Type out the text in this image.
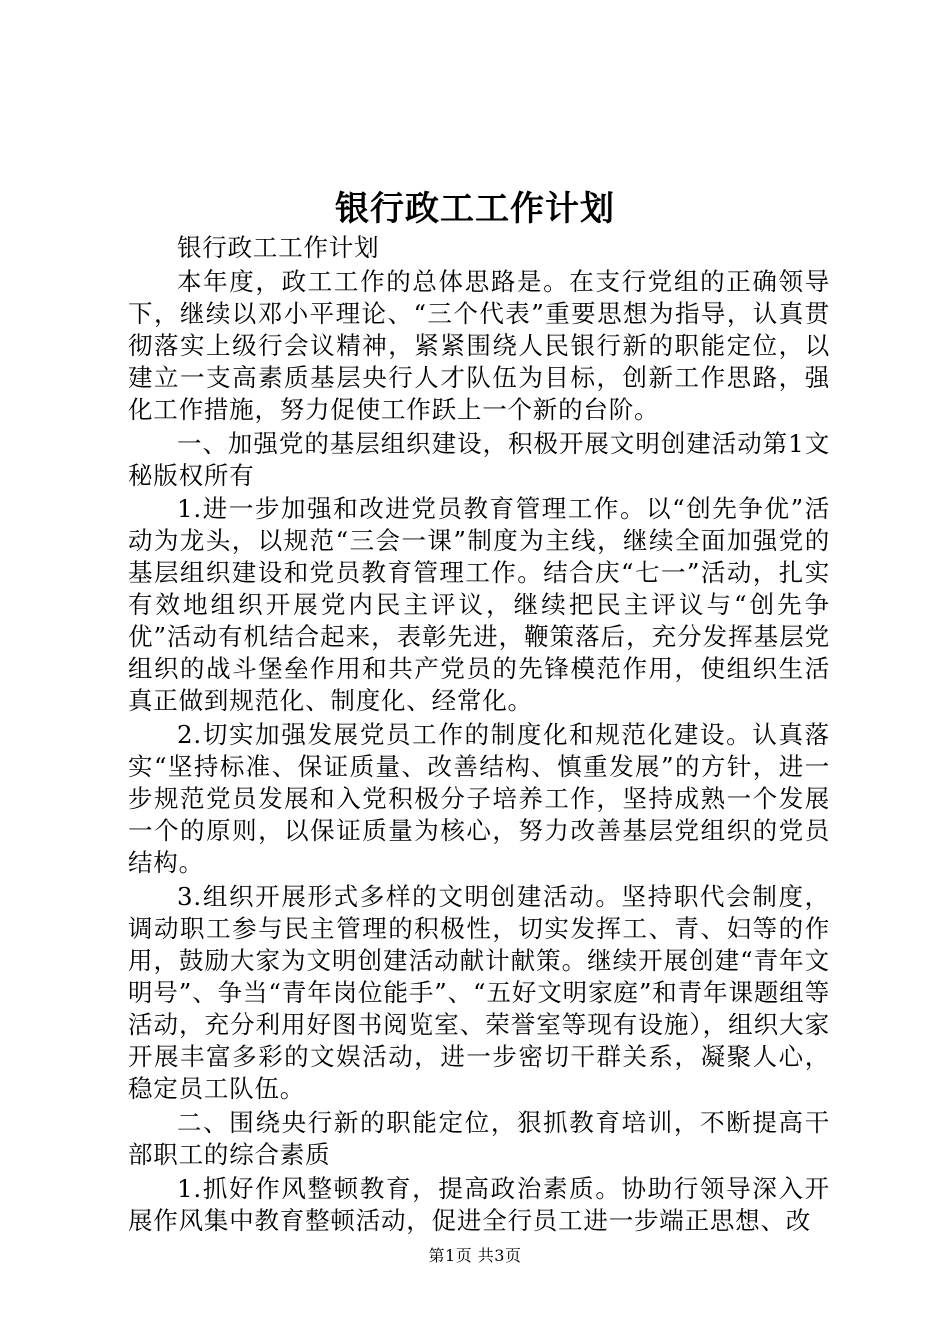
银行政工工作计划

银行政工工作计划

本年度，政工工作的总体思路是。在支行党组的正确领导下，继续以邓小平理论、“三个代表”重要思想为指导，认真贯彻落实上级行会议精神，紧紧围绕人民银行新的职能定位，以建立一支高素质基层央行人才队伍为目标，创新工作思路，强化工作措施，努力促使工作跃上一个新的台阶。

一、加强党的基层组织建设，积极开展文明创建活动第1文秘版权所有

1.进一步加强和改进党员教育管理工作。以“创先争优”活动为龙头，以规范“三会一课”制度为主线，继续全面加强党的基层组织建设和党员教育管理工作。结合庆“七一”活动，扎实有效地组织开展党内民主评议，继续把民主评议与“创先争优”活动有机结合起来，表彰先进，鞭策落后，充分发挥基层党组织的战斗堡垒作用和共产党员的先锋模范作用，使组织生活真正做到规范化、制度化、经常化。

2.切实加强发展党员工作的制度化和规范化建设。认真落实“坚持标准、保证质量、改善结构、慎重发展”的方针，进一步规范党员发展和入党积极分子培养工作，坚持成熟一个发展一个的原则，以保证质量为核心，努力改善基层党组织的党员结构。

3.组织开展形式多样的文明创建活动。坚持职代会制度，调动职工参与民主管理的积极性，切实发挥工、青、妇等的作用，鼓励大家为文明创建活动献计献策。继续开展创建“青年文明号”、争当“青年岗位能手”、“五好文明家庭”和青年课题组等活动，充分利用好图书阅览室、荣誉室等现有设施），组织大家开展丰富多彩的文娱活动，进一步密切干群关系，凝聚人心，稳定员工队伍。

二、围绕央行新的职能定位，狠抓教育培训，不断提高干部职工的综合素质

1.抓好作风整顿教育，提高政治素质。协助行领导深入开展作风集中教育整顿活动，促进全行员工进一步端正思想、改

第1页 共3页
